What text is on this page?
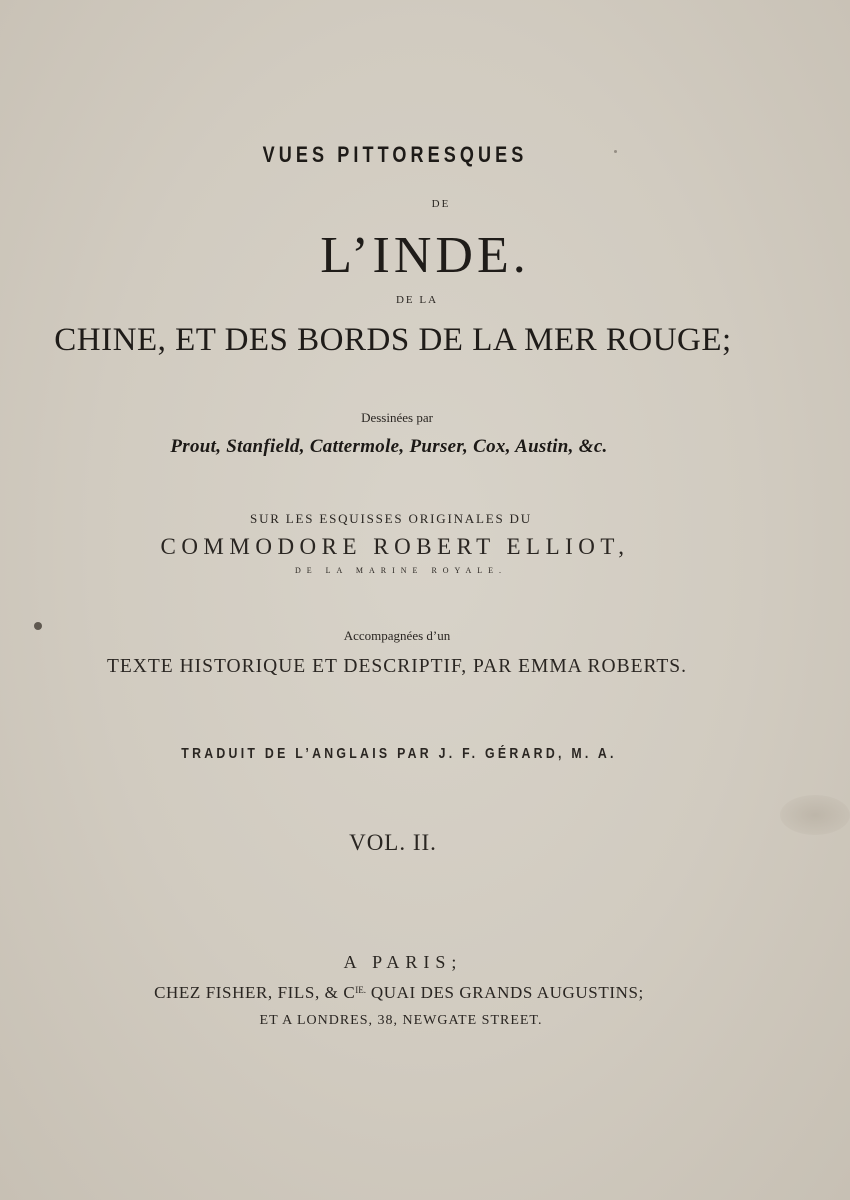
VUES PITTORESQUES
DE
L’INDE.
DE LA
CHINE, ET DES BORDS DE LA MER ROUGE;
Dessinées par
Prout, Stanfield, Cattermole, Purser, Cox, Austin, &c.
SUR LES ESQUISSES ORIGINALES DU
COMMODORE ROBERT ELLIOT,
DE LA MARINE ROYALE.
Accompagnées d’un
TEXTE HISTORIQUE ET DESCRIPTIF, PAR EMMA ROBERTS.
TRADUIT DE L’ANGLAIS PAR J. F. GÉRARD, M. A.
VOL. II.
A PARIS;
CHEZ FISHER, FILS, & $C^{IE.}$ QUAI DES GRANDS AUGUSTINS;
ET A LONDRES, 38, NEWGATE STREET.
